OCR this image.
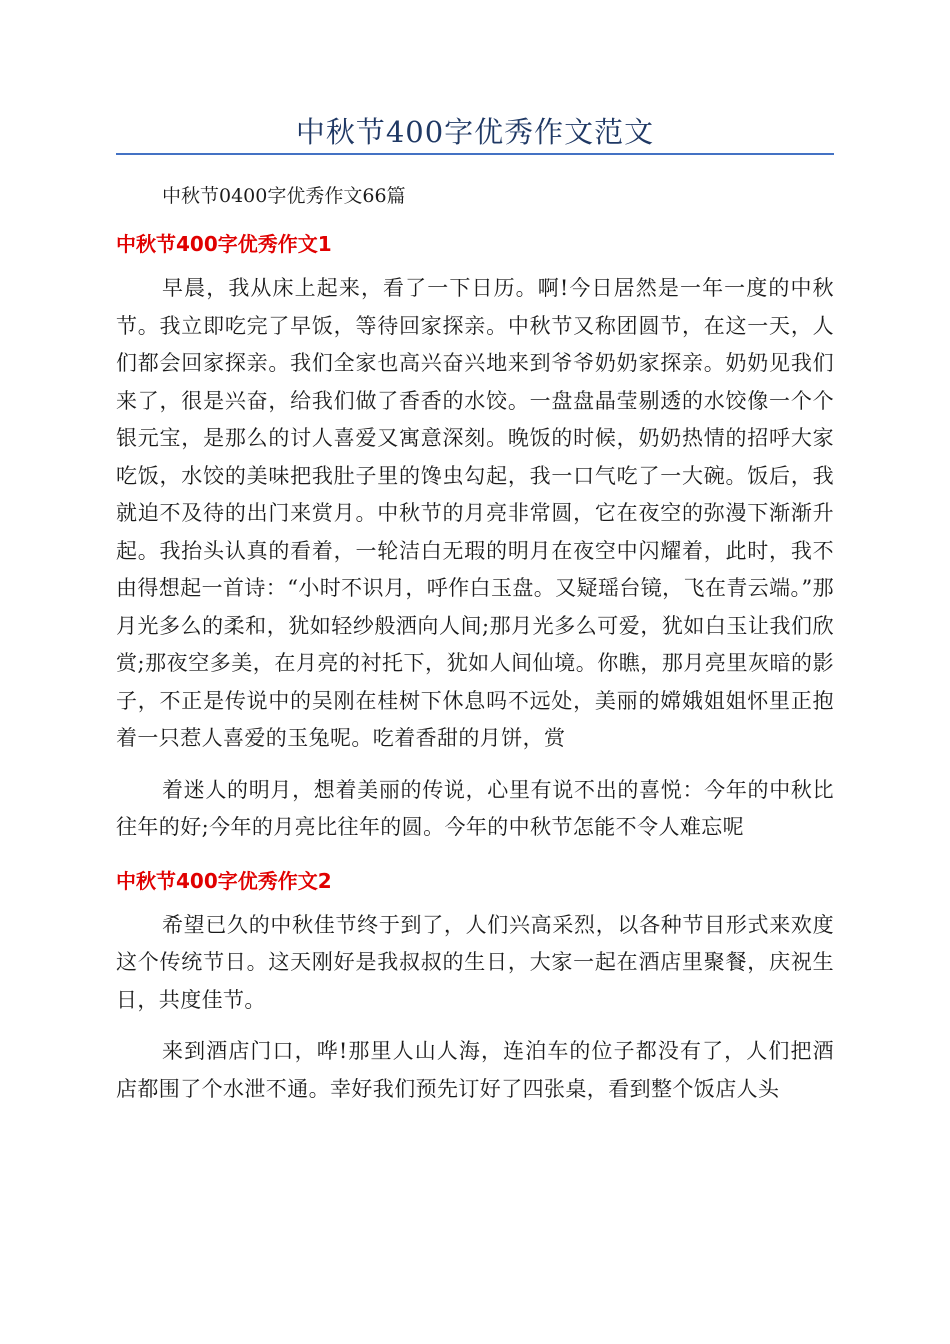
中秋节400字优秀作文范文

中秋节0400字优秀作文66篇

中秋节400字优秀作文1

早晨，我从床上起来，看了一下日历。啊!今日居然是一年一度的中秋节。我立即吃完了早饭，等待回家探亲。中秋节又称团圆节，在这一天，人们都会回家探亲。我们全家也高兴奋兴地来到爷爷奶奶家探亲。奶奶见我们来了，很是兴奋，给我们做了香香的水饺。一盘盘晶莹剔透的水饺像一个个银元宝，是那么的讨人喜爱又寓意深刻。晚饭的时候，奶奶热情的招呼大家吃饭，水饺的美味把我肚子里的馋虫勾起，我一口气吃了一大碗。饭后，我就迫不及待的出门来赏月。中秋节的月亮非常圆，它在夜空的弥漫下渐渐升起。我抬头认真的看着，一轮洁白无瑕的明月在夜空中闪耀着，此时，我不由得想起一首诗：“小时不识月，呼作白玉盘。又疑瑶台镜，飞在青云端。”那月光多么的柔和，犹如轻纱般洒向人间;那月光多么可爱，犹如白玉让我们欣赏;那夜空多美，在月亮的衬托下，犹如人间仙境。你瞧，那月亮里灰暗的影子，不正是传说中的吴刚在桂树下休息吗不远处，美丽的嫦娥姐姐怀里正抱着一只惹人喜爱的玉兔呢。吃着香甜的月饼，赏

着迷人的明月，想着美丽的传说，心里有说不出的喜悦：今年的中秋比往年的好;今年的月亮比往年的圆。今年的中秋节怎能不令人难忘呢

中秋节400字优秀作文2

希望已久的中秋佳节终于到了，人们兴高采烈，以各种节目形式来欢度这个传统节日。这天刚好是我叔叔的生日，大家一起在酒店里聚餐，庆祝生日，共度佳节。

来到酒店门口，哗!那里人山人海，连泊车的位子都没有了，人们把酒店都围了个水泄不通。幸好我们预先订好了四张桌，看到整个饭店人头
